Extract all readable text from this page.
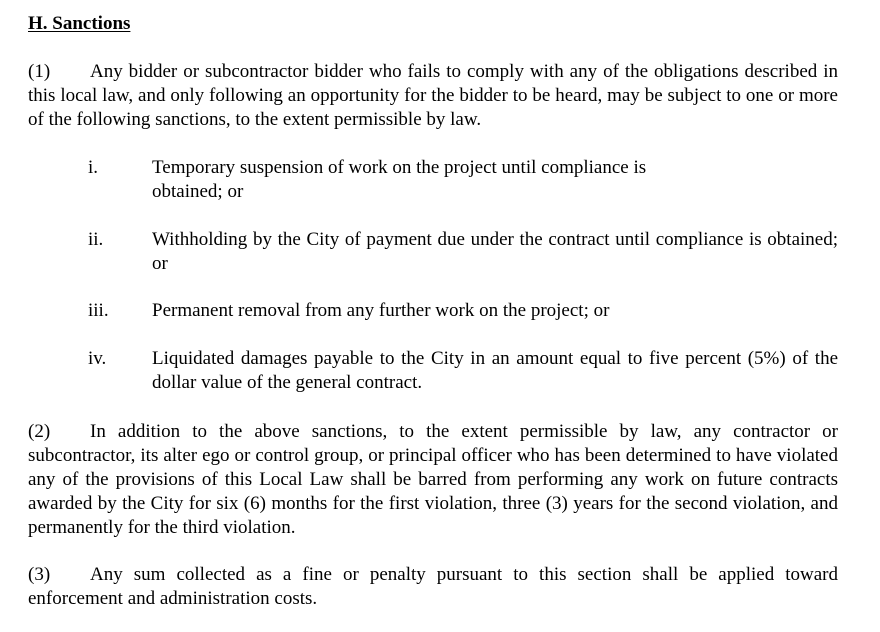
H. Sanctions
(1) Any bidder or subcontractor bidder who fails to comply with any of the obligations described in this local law, and only following an opportunity for the bidder to be heard, may be subject to one or more of the following sanctions, to the extent permissible by law.
i.	Temporary suspension of work on the project until compliance is obtained; or
ii.	Withholding by the City of payment due under the contract until compliance is obtained; or
iii. Permanent removal from any further work on the project; or
iv. Liquidated damages payable to the City in an amount equal to five percent (5%) of the dollar value of the general contract.
(2) In addition to the above sanctions, to the extent permissible by law, any contractor or subcontractor, its alter ego or control group, or principal officer who has been determined to have violated any of the provisions of this Local Law shall be barred from performing any work on future contracts awarded by the City for six (6) months for the first violation, three (3) years for the second violation, and permanently for the third violation.
(3) Any sum collected as a fine or penalty pursuant to this section shall be applied toward enforcement and administration costs.
